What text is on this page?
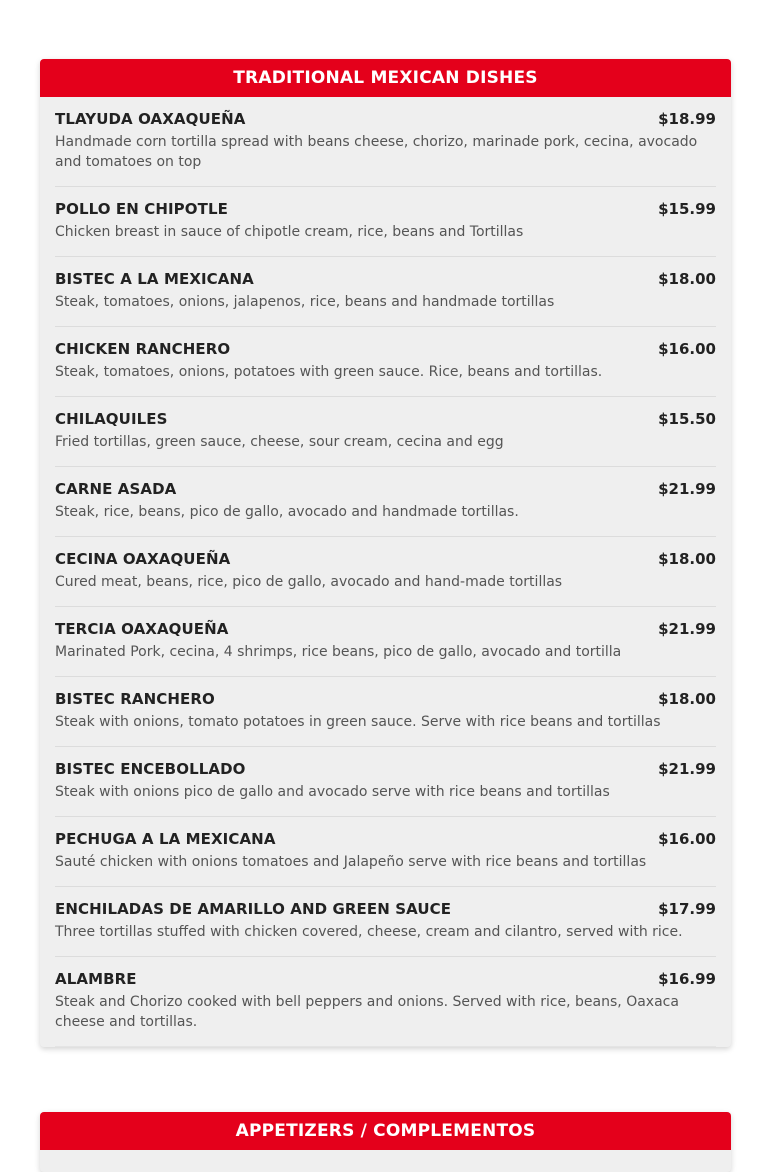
TRADITIONAL MEXICAN DISHES
TLAYUDA OAXAQUEÑA	$18.99
Handmade corn tortilla spread with beans cheese, chorizo, marinade pork, cecina, avocado and tomatoes on top
POLLO EN CHIPOTLE	$15.99
Chicken breast in sauce of chipotle cream, rice, beans and Tortillas
BISTEC A LA MEXICANA	$18.00
Steak, tomatoes, onions, jalapenos, rice, beans and handmade tortillas
CHICKEN RANCHERO	$16.00
Steak, tomatoes, onions, potatoes with green sauce. Rice, beans and tortillas.
CHILAQUILES	$15.50
Fried tortillas, green sauce, cheese, sour cream, cecina and egg
CARNE ASADA	$21.99
Steak, rice, beans, pico de gallo, avocado and handmade tortillas.
CECINA OAXAQUEÑA	$18.00
Cured meat, beans, rice, pico de gallo, avocado and hand-made tortillas
TERCIA OAXAQUEÑA	$21.99
Marinated Pork, cecina, 4 shrimps, rice beans, pico de gallo, avocado and tortilla
BISTEC RANCHERO	$18.00
Steak with onions, tomato potatoes in green sauce. Serve with rice beans and tortillas
BISTEC ENCEBOLLADO	$21.99
Steak with onions pico de gallo and avocado serve with rice beans and tortillas
PECHUGA A LA MEXICANA	$16.00
Sauté chicken with onions tomatoes and Jalapeño serve with rice beans and tortillas
ENCHILADAS DE AMARILLO AND GREEN SAUCE	$17.99
Three tortillas stuffed with chicken covered, cheese, cream and cilantro, served with rice.
ALAMBRE	$16.99
Steak and Chorizo cooked with bell peppers and onions. Served with rice, beans, Oaxaca cheese and tortillas.
APPETIZERS / COMPLEMENTOS
